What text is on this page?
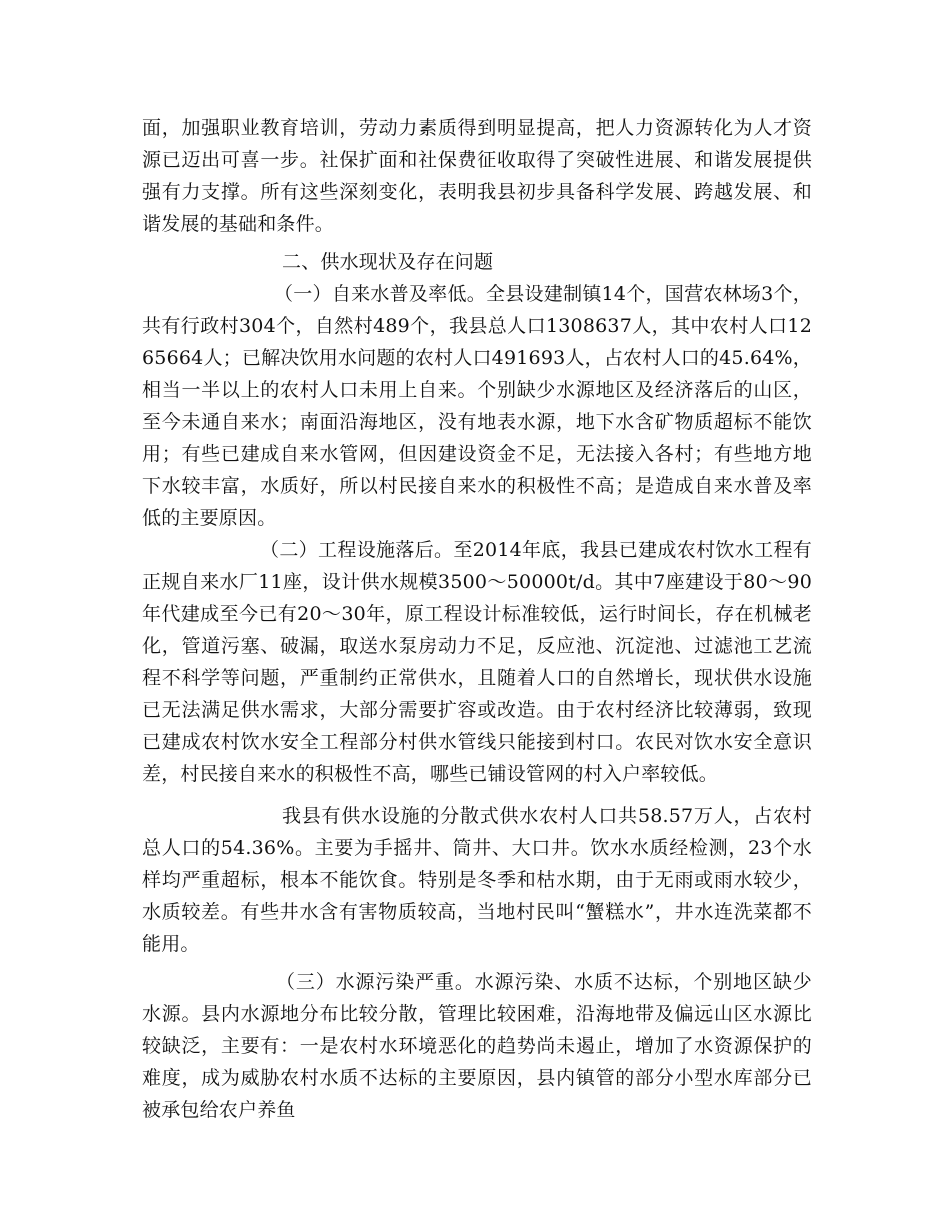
面，加强职业教育培训，劳动力素质得到明显提高，把人力资源转化为人才资源已迈出可喜一步。社保扩面和社保费征收取得了突破性进展、和谐发展提供强有力支撑。所有这些深刻变化，表明我县初步具备科学发展、跨越发展、和谐发展的基础和条件。

二、供水现状及存在问题

（一）自来水普及率低。全县设建制镇14个，国营农林场3个，共有行政村304个，自然村489个，我县总人口1308637人，其中农村人口1265664人；已解决饮用水问题的农村人口491693人，占农村人口的45.64%，相当一半以上的农村人口未用上自来。个别缺少水源地区及经济落后的山区，至今未通自来水；南面沿海地区，没有地表水源，地下水含矿物质超标不能饮用；有些已建成自来水管网，但因建设资金不足，无法接入各村；有些地方地下水较丰富，水质好，所以村民接自来水的积极性不高；是造成自来水普及率低的主要原因。

（二）工程设施落后。至2014年底，我县已建成农村饮水工程有正规自来水厂11座，设计供水规模3500～50000t/d。其中7座建设于80～90年代建成至今已有20～30年，原工程设计标准较低，运行时间长，存在机械老化，管道污塞、破漏，取送水泵房动力不足，反应池、沉淀池、过滤池工艺流程不科学等问题，严重制约正常供水，且随着人口的自然增长，现状供水设施已无法满足供水需求，大部分需要扩容或改造。由于农村经济比较薄弱，致现已建成农村饮水安全工程部分村供水管线只能接到村口。农民对饮水安全意识差，村民接自来水的积极性不高，哪些已铺设管网的村入户率较低。

我县有供水设施的分散式供水农村人口共58.57万人，占农村总人口的54.36%。主要为手摇井、筒井、大口井。饮水水质经检测，23个水样均严重超标，根本不能饮食。特别是冬季和枯水期，由于无雨或雨水较少，水质较差。有些井水含有害物质较高，当地村民叫“蟹糕水”，井水连洗菜都不能用。

（三）水源污染严重。水源污染、水质不达标，个别地区缺少水源。县内水源地分布比较分散，管理比较困难，沿海地带及偏远山区水源比较缺泛，主要有：一是农村水环境恶化的趋势尚未遏止，增加了水资源保护的难度，成为威胁农村水质不达标的主要原因，县内镇管的部分小型水库部分已被承包给农户养鱼
